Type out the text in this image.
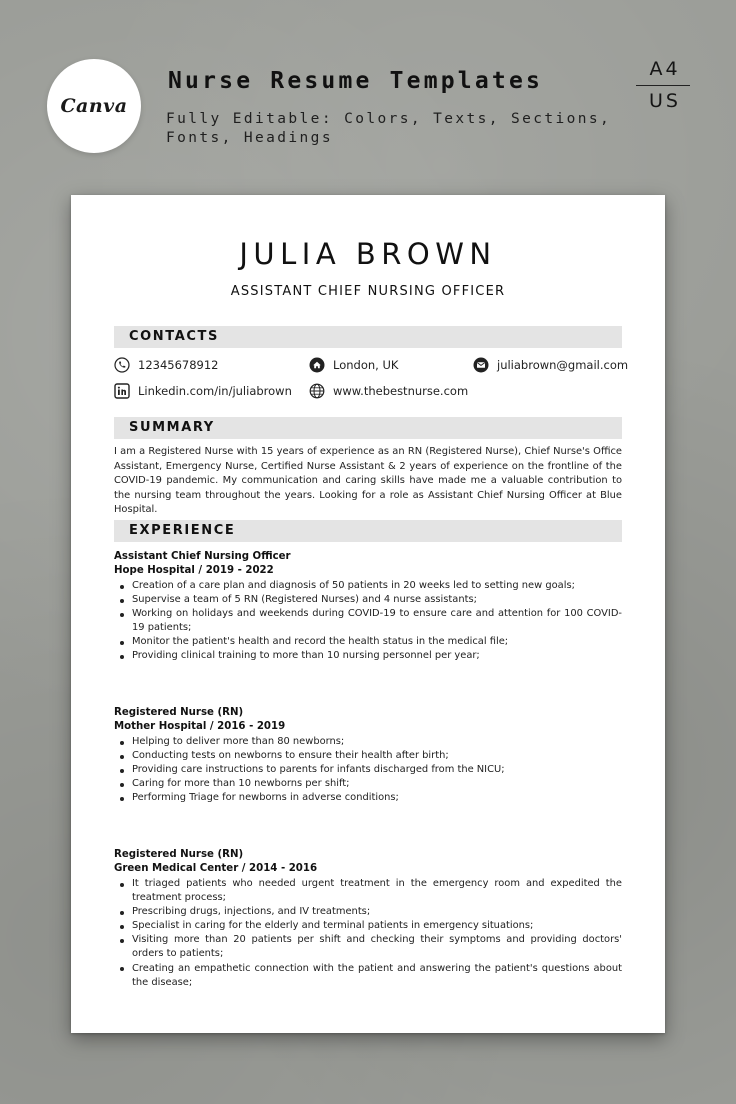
Canva
Nurse Resume Templates
Fully Editable: Colors, Texts, Sections, Fonts, Headings
A4
US
JULIA BROWN
ASSISTANT CHIEF NURSING OFFICER
CONTACTS
12345678912	London, UK	juliabrown@gmail.com
Linkedin.com/in/juliabrown	www.thebestnurse.com
SUMMARY

I am a Registered Nurse with 15 years of experience as an RN (Registered Nurse), Chief Nurse's Office Assistant, Emergency Nurse, Certified Nurse Assistant & 2 years of experience on the frontline of the COVID-19 pandemic. My communication and caring skills have made me a valuable contribution to the nursing team throughout the years. Looking for a role as Assistant Chief Nursing Officer at Blue Hospital.

EXPERIENCE
Assistant Chief Nursing Officer
Hope Hospital / 2019 - 2022
Creation of a care plan and diagnosis of 50 patients in 20 weeks led to setting new goals;
Supervise a team of 5 RN (Registered Nurses) and 4 nurse assistants;
Working on holidays and weekends during COVID-19 to ensure care and attention for 100 COVID-19 patients;
Monitor the patient's health and record the health status in the medical file;
Providing clinical training to more than 10 nursing personnel per year;
Registered Nurse (RN)
Mother Hospital / 2016 - 2019
Helping to deliver more than 80 newborns;
Conducting tests on newborns to ensure their health after birth;
Providing care instructions to parents for infants discharged from the NICU;
Caring for more than 10 newborns per shift;
Performing Triage for newborns in adverse conditions;
Registered Nurse (RN)
Green Medical Center / 2014 - 2016
It triaged patients who needed urgent treatment in the emergency room and expedited the treatment process;
Prescribing drugs, injections, and IV treatments;
Specialist in caring for the elderly and terminal patients in emergency situations;
Visiting more than 20 patients per shift and checking their symptoms and providing doctors' orders to patients;
Creating an empathetic connection with the patient and answering the patient's questions about the disease;
